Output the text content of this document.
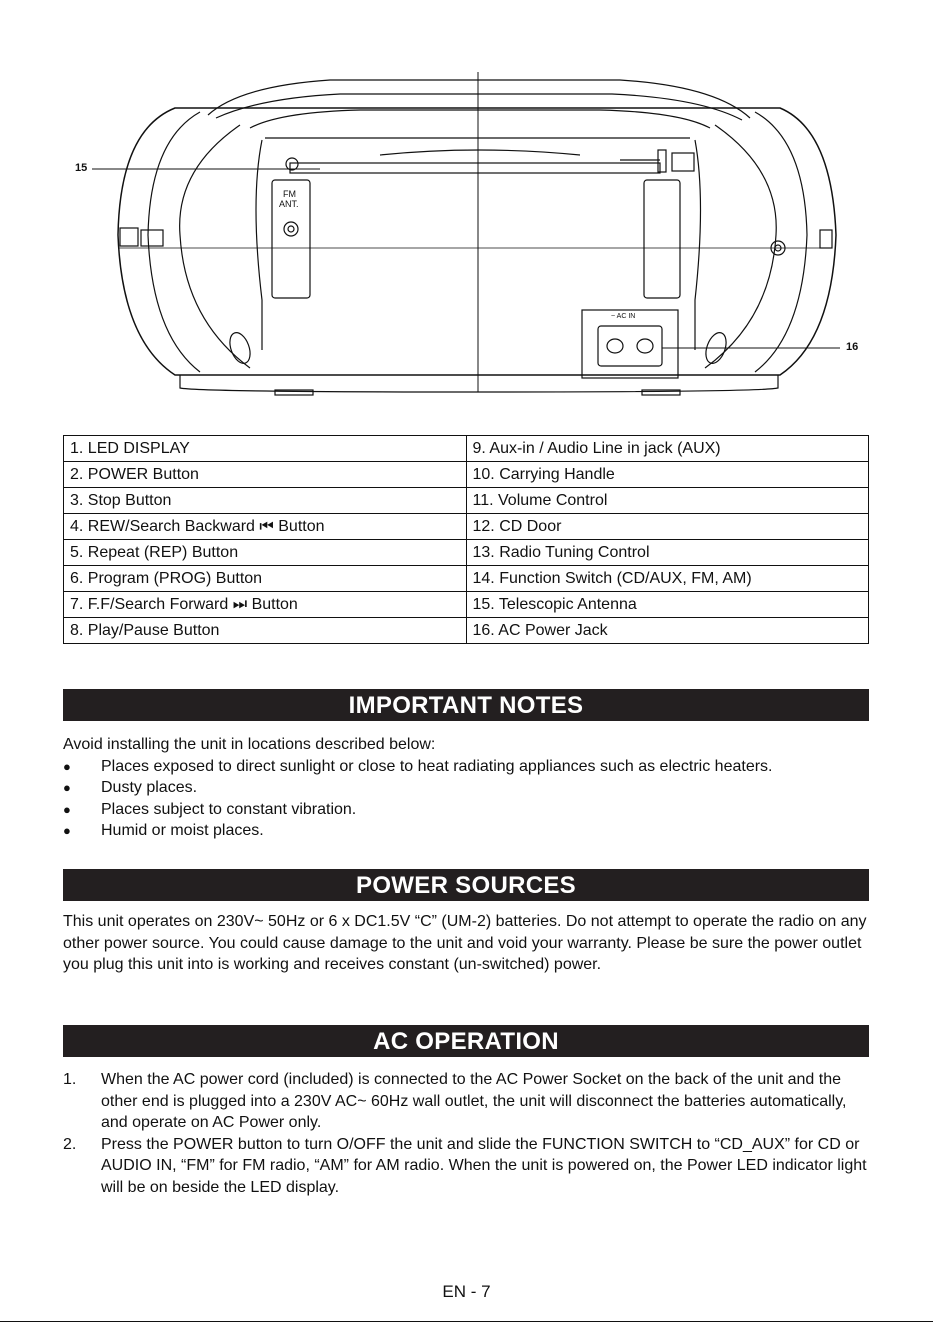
15
16
FM
ANT.
~ AC IN
1. LED DISPLAY	9. Aux-in / Audio Line in jack (AUX)
2. POWER Button	10. Carrying Handle
3. Stop Button	11. Volume Control
4. REW/Search Backward ⏮ Button	12. CD Door
5. Repeat (REP) Button	13. Radio Tuning Control
6. Program (PROG) Button	14. Function Switch (CD/AUX, FM, AM)
7. F.F/Search Forward ⏭ Button	15. Telescopic Antenna
8. Play/Pause Button	16. AC Power Jack
IMPORTANT NOTES
Avoid installing the unit in locations described below:
●	Places exposed to direct sunlight or close to heat radiating appliances such as electric heaters.
●	Dusty places.
●	Places subject to constant vibration.
●	Humid or moist places.
POWER SOURCES
This unit operates on 230V~ 50Hz or 6 x DC1.5V “C” (UM-2) batteries. Do not attempt to operate the radio on any other power source. You could cause damage to the unit and void your warranty. Please be sure the power outlet you plug this unit into is working and receives constant (un-switched) power.
AC OPERATION
1.	When the AC power cord (included) is connected to the AC Power Socket on the back of the unit and the other end is plugged into a 230V AC~ 60Hz wall outlet, the unit will disconnect the batteries automatically, and operate on AC Power only.
2.	Press the POWER button to turn O/OFF the unit and slide the FUNCTION SWITCH to “CD_AUX” for CD or AUDIO IN, “FM” for FM radio, “AM” for AM radio. When the unit is powered on, the Power LED indicator light will be on beside the LED display.
EN - 7
